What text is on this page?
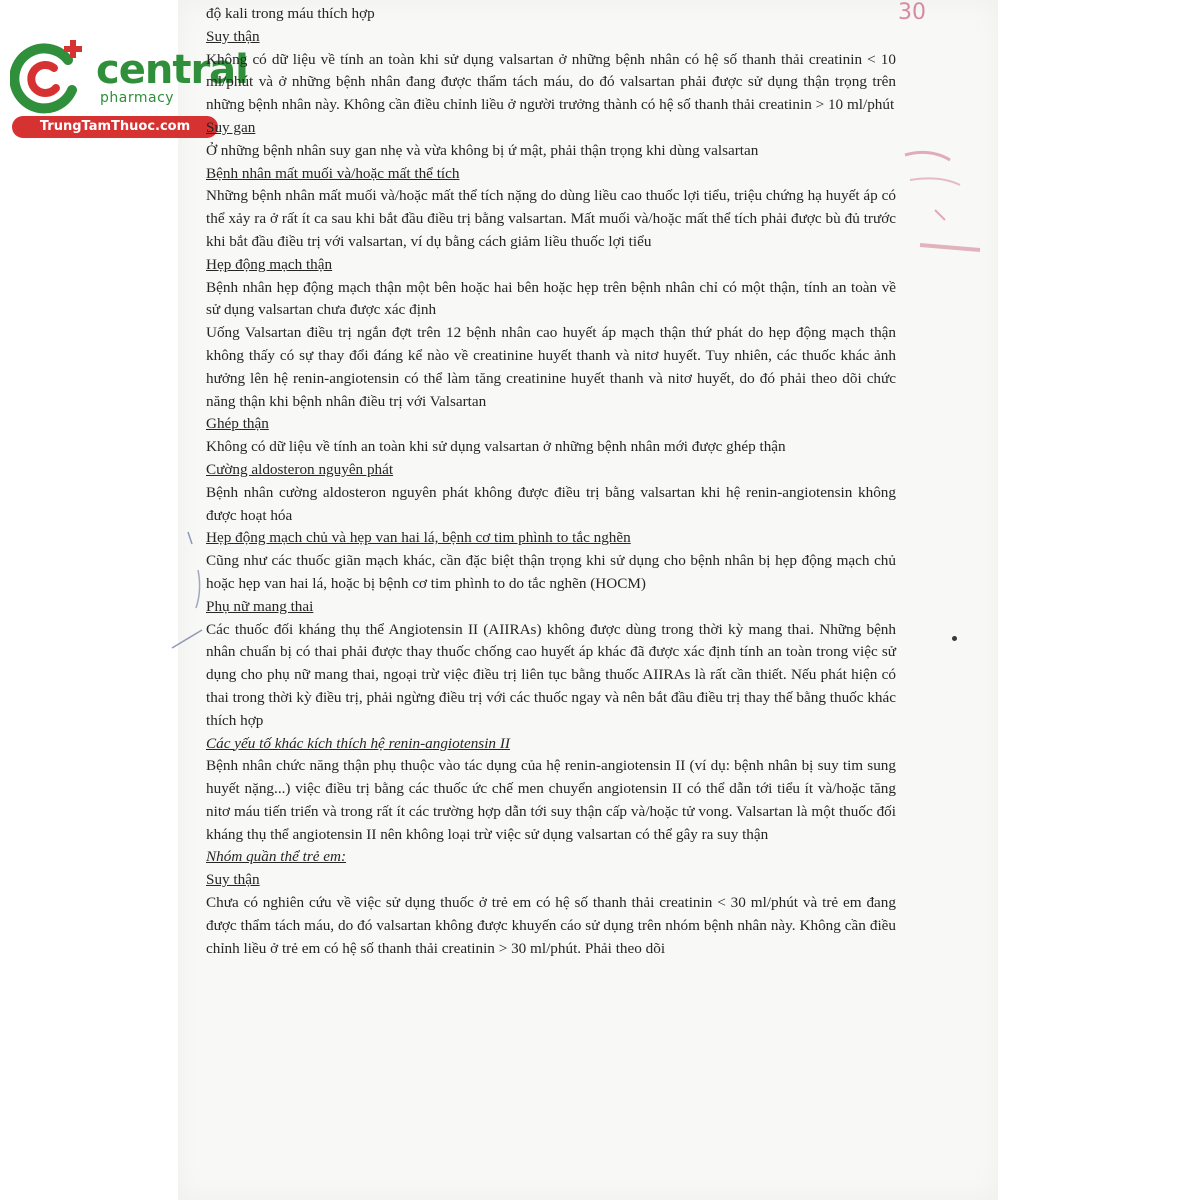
central
pharmacy
TrungTamThuoc.com
30

độ kali trong máu thích hợp

Suy thận

Không có dữ liệu về tính an toàn khi sử dụng valsartan ở những bệnh nhân có hệ số thanh thải creatinin < 10 ml/phút và ở những bệnh nhân đang được thẩm tách máu, do đó valsartan phải được sử dụng thận trọng trên những bệnh nhân này. Không cần điều chỉnh liều ở người trưởng thành có hệ số thanh thải creatinin > 10 ml/phút

Suy gan

Ở những bệnh nhân suy gan nhẹ và vừa không bị ứ mật, phải thận trọng khi dùng valsartan

Bệnh nhân mất muối và/hoặc mất thể tích

Những bệnh nhân mất muối và/hoặc mất thể tích nặng do dùng liều cao thuốc lợi tiểu, triệu chứng hạ huyết áp có thể xảy ra ở rất ít ca sau khi bắt đầu điều trị bằng valsartan. Mất muối và/hoặc mất thể tích phải được bù đủ trước khi bắt đầu điều trị với valsartan, ví dụ bằng cách giảm liều thuốc lợi tiểu

Hẹp động mạch thận

Bệnh nhân hẹp động mạch thận một bên hoặc hai bên hoặc hẹp trên bệnh nhân chỉ có một thận, tính an toàn về sử dụng valsartan chưa được xác định

Uống Valsartan điều trị ngắn đợt trên 12 bệnh nhân cao huyết áp mạch thận thứ phát do hẹp động mạch thận không thấy có sự thay đổi đáng kể nào về creatinine huyết thanh và nitơ huyết. Tuy nhiên, các thuốc khác ảnh hưởng lên hệ renin-angiotensin có thể làm tăng creatinine huyết thanh và nitơ huyết, do đó phải theo dõi chức năng thận khi bệnh nhân điều trị với Valsartan

Ghép thận

Không có dữ liệu về tính an toàn khi sử dụng valsartan ở những bệnh nhân mới được ghép thận

Cường aldosteron nguyên phát

Bệnh nhân cường aldosteron nguyên phát không được điều trị bằng valsartan khi hệ renin-angiotensin không được hoạt hóa

Hẹp động mạch chủ và hẹp van hai lá, bệnh cơ tim phình to tắc nghẽn

Cũng như các thuốc giãn mạch khác, cần đặc biệt thận trọng khi sử dụng cho bệnh nhân bị hẹp động mạch chủ hoặc hẹp van hai lá, hoặc bị bệnh cơ tim phình to do tắc nghẽn (HOCM)

Phụ nữ mang thai

Các thuốc đối kháng thụ thể Angiotensin II (AIIRAs) không được dùng trong thời kỳ mang thai. Những bệnh nhân chuẩn bị có thai phải được thay thuốc chống cao huyết áp khác đã được xác định tính an toàn trong việc sử dụng cho phụ nữ mang thai, ngoại trừ việc điều trị liên tục bằng thuốc AIIRAs là rất cần thiết. Nếu phát hiện có thai trong thời kỳ điều trị, phải ngừng điều trị với các thuốc ngay và nên bắt đầu điều trị thay thế bằng thuốc khác thích hợp

Các yếu tố khác kích thích hệ renin-angiotensin II

Bệnh nhân chức năng thận phụ thuộc vào tác dụng của hệ renin-angiotensin II (ví dụ: bệnh nhân bị suy tim sung huyết nặng...) việc điều trị bằng các thuốc ức chế men chuyển angiotensin II có thể dẫn tới tiểu ít và/hoặc tăng nitơ máu tiến triển và trong rất ít các trường hợp dẫn tới suy thận cấp và/hoặc tử vong. Valsartan là một thuốc đối kháng thụ thể angiotensin II nên không loại trừ việc sử dụng valsartan có thể gây ra suy thận

Nhóm quần thể trẻ em:
Suy thận

Chưa có nghiên cứu về việc sử dụng thuốc ở trẻ em có hệ số thanh thải creatinin < 30 ml/phút và trẻ em đang được thẩm tách máu, do đó valsartan không được khuyến cáo sử dụng trên nhóm bệnh nhân này. Không cần điều chỉnh liều ở trẻ em có hệ số thanh thải creatinin > 30 ml/phút. Phải theo dõi
